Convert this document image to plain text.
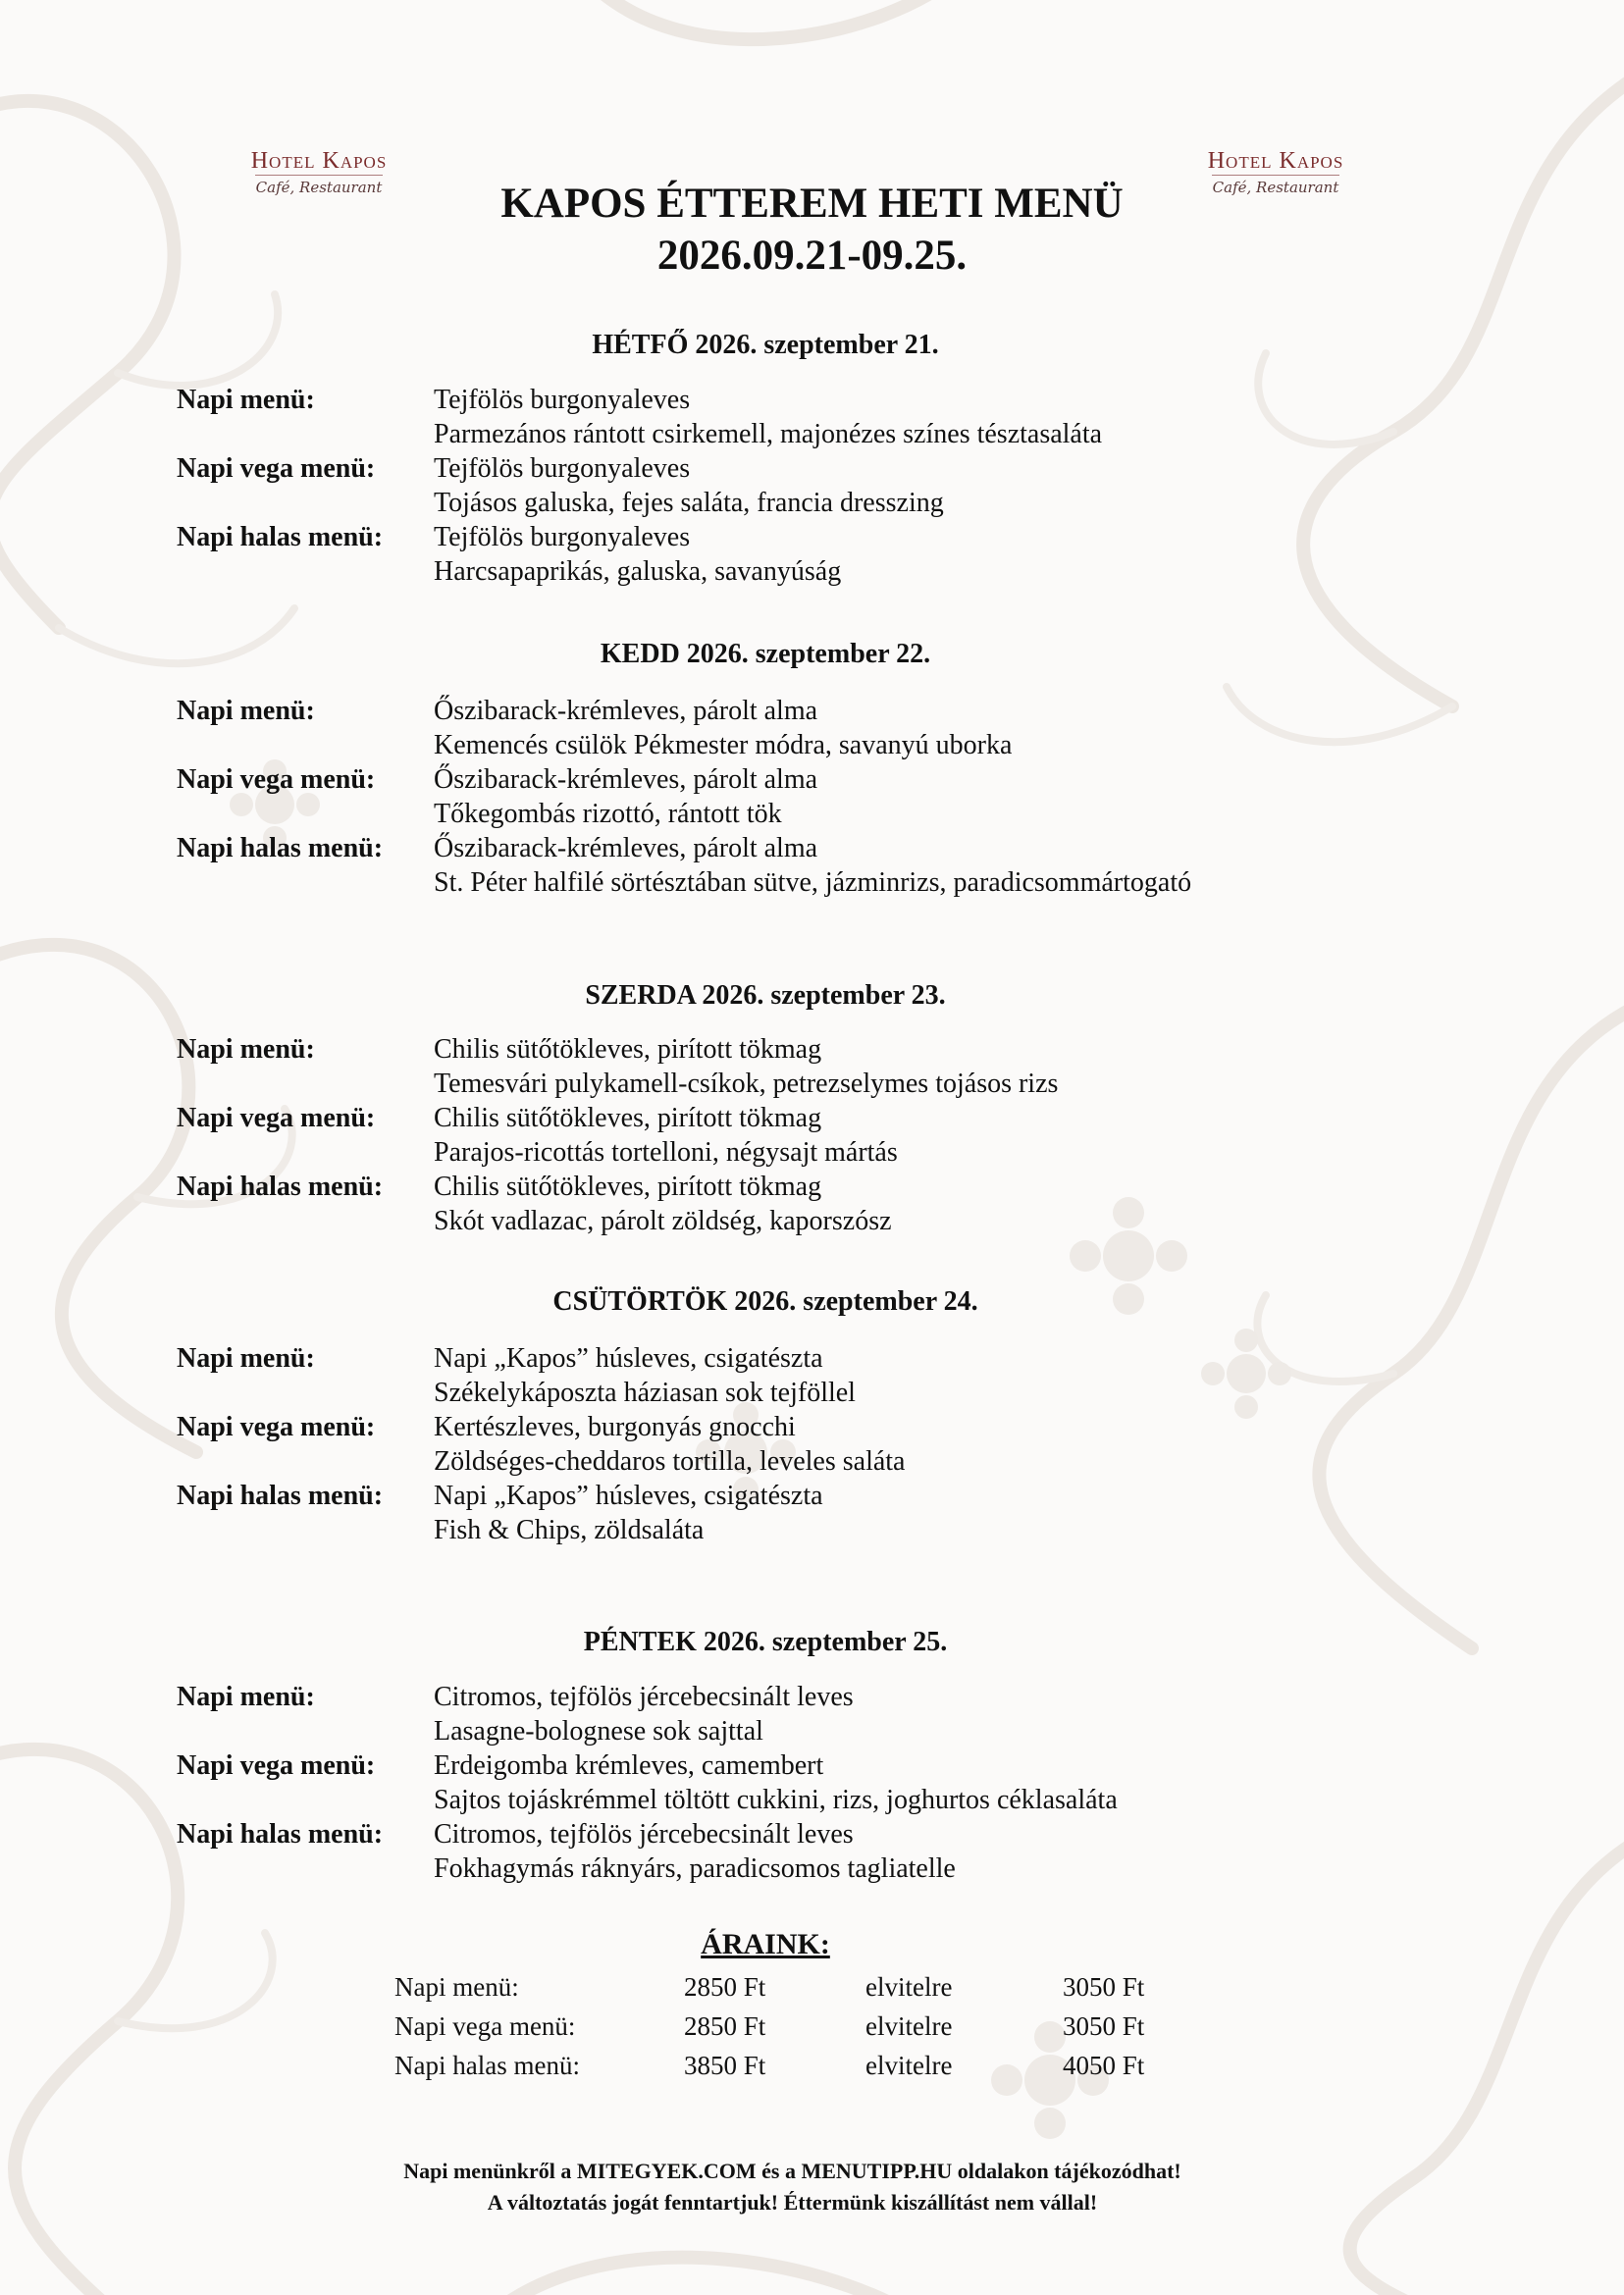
Hotel Kapos
Café, Restaurant
Hotel Kapos
Café, Restaurant
KAPOS ÉTTEREM HETI MENÜ
2026.09.21-09.25.
HÉTFŐ 2026. szeptember 21.
Napi menü:	Tejfölös burgonyaleves
Parmezános rántott csirkemell, majonézes színes tésztasaláta
Napi vega menü: Tejfölös burgonyaleves
Tojásos galuska, fejes saláta, francia dresszing
Napi halas menü: Tejfölös burgonyaleves
Harcsapaprikás, galuska, savanyúság
KEDD 2026. szeptember 22.
Napi menü:	Őszibarack-krémleves, párolt alma
Kemencés csülök Pékmester módra, savanyú uborka
Napi vega menü: Őszibarack-krémleves, párolt alma
Tőkegombás rizottó, rántott tök
Napi halas menü: Őszibarack-krémleves, párolt alma
St. Péter halfilé sörtésztában sütve, jázminrizs, paradicsommártogató
SZERDA 2026. szeptember 23.
Napi menü:	Chilis sütőtökleves, pirított tökmag
Temesvári pulykamell-csíkok, petrezselymes tojásos rizs
Napi vega menü: Chilis sütőtökleves, pirított tökmag
Parajos-ricottás tortelloni, négysajt mártás
Napi halas menü: Chilis sütőtökleves, pirított tökmag
Skót vadlazac, párolt zöldség, kaporszósz
CSÜTÖRTÖK 2026. szeptember 24.
Napi menü:	Napi „Kapos” húsleves, csigatészta
Székelykáposzta háziasan sok tejföllel
Napi vega menü: Kertészleves, burgonyás gnocchi
Zöldséges-cheddaros tortilla, leveles saláta
Napi halas menü: Napi „Kapos” húsleves, csigatészta
Fish & Chips, zöldsaláta
PÉNTEK 2026. szeptember 25.
Napi menü:	Citromos, tejfölös jércebecsinált leves
Lasagne-bolognese sok sajttal
Napi vega menü: Erdeigomba krémleves, camembert
Sajtos tojáskrémmel töltött cukkini, rizs, joghurtos céklasaláta
Napi halas menü: Citromos, tejfölös jércebecsinált leves
Fokhagymás ráknyárs, paradicsomos tagliatelle
ÁRAINK:
Napi menü:	2850 Ft	elvitelre	3050 Ft
Napi vega menü:	2850 Ft	elvitelre	3050 Ft
Napi halas menü:	3850 Ft	elvitelre	4050 Ft
Napi menünkről a MITEGYEK.COM és a MENUTIPP.HU oldalakon tájékozódhat!
A változtatás jogát fenntartjuk! Éttermünk kiszállítást nem vállal!
